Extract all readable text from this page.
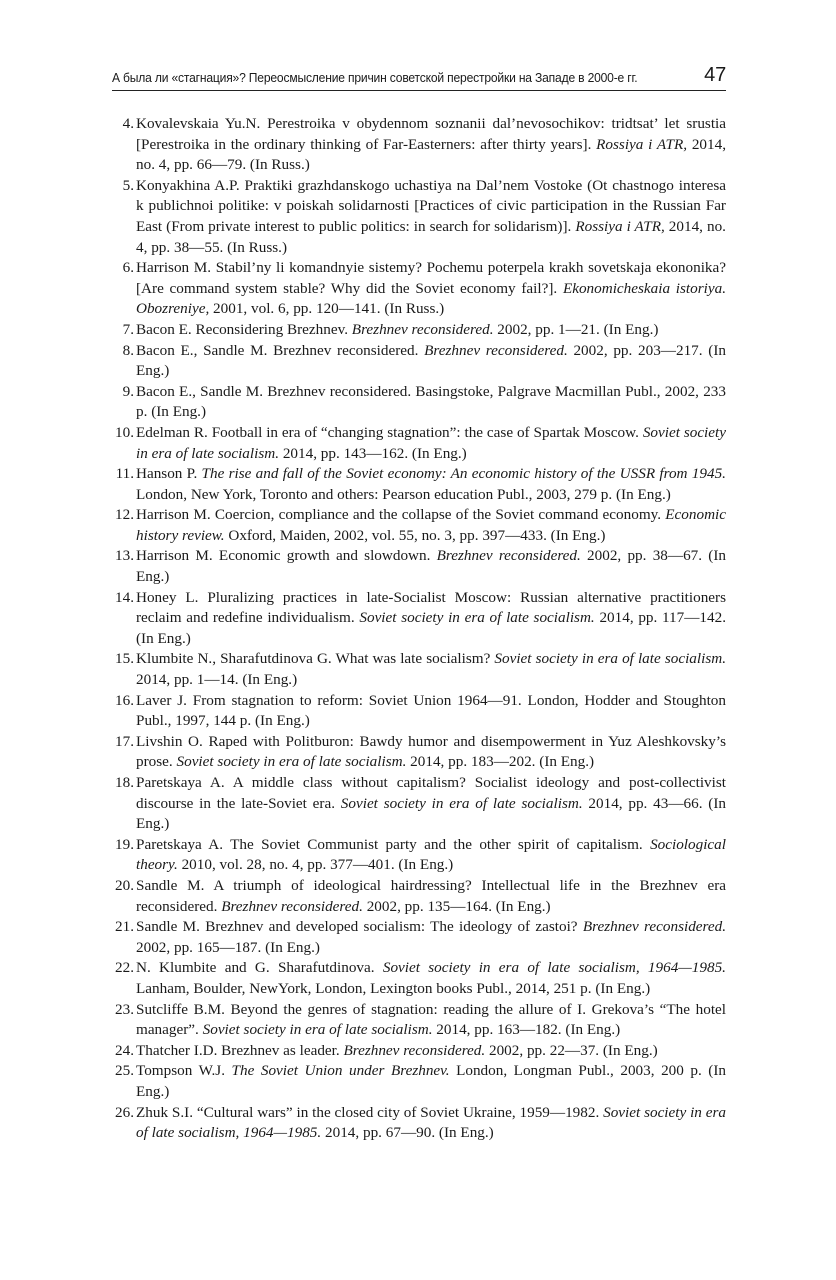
А была ли «стагнация»? Переосмысление причин советской перестройки на Западе в 2000-е гг.	47
4. Kovalevskaia Yu.N. Perestroika v obydennom soznanii dal’nevosochikov: tridtsat’ let srustia [Perestroika in the ordinary thinking of Far-Easterners: after thirty years]. Rossiya i ATR, 2014, no. 4, pp. 66—79. (In Russ.)
5. Konyakhina A.P. Praktiki grazhdanskogo uchastiya na Dal’nem Vostoke (Ot chastnogo interesa k publichnoi politike: v poiskah solidarnosti [Practices of civic participation in the Russian Far East (From private interest to public politics: in search for solidarism)]. Rossiya i ATR, 2014, no. 4, pp. 38—55. (In Russ.)
6. Harrison M. Stabil’ny li komandnyie sistemy? Pochemu poterpela krakh sovetskaja ekononika? [Are command system stable? Why did the Soviet economy fail?]. Ekonomicheskaia istoriya. Obozreniye, 2001, vol. 6, pp. 120—141. (In Russ.)
7. Bacon E. Reconsidering Brezhnev. Brezhnev reconsidered. 2002, pp. 1—21. (In Eng.)
8. Bacon E., Sandle M. Brezhnev reconsidered. Brezhnev reconsidered. 2002, pp. 203—217. (In Eng.)
9. Bacon E., Sandle M. Brezhnev reconsidered. Basingstoke, Palgrave Macmillan Publ., 2002, 233 p. (In Eng.)
10. Edelman R. Football in era of “changing stagnation”: the case of Spartak Moscow. Soviet society in era of late socialism. 2014, pp. 143—162. (In Eng.)
11. Hanson P. The rise and fall of the Soviet economy: An economic history of the USSR from 1945. London, New York, Toronto and others: Pearson education Publ., 2003, 279 p. (In Eng.)
12. Harrison M. Coercion, compliance and the collapse of the Soviet command economy. Economic history review. Oxford, Maiden, 2002, vol. 55, no. 3, pp. 397—433. (In Eng.)
13. Harrison M. Economic growth and slowdown. Brezhnev reconsidered. 2002, pp. 38—67. (In Eng.)
14. Honey L. Pluralizing practices in late-Socialist Moscow: Russian alternative practitioners reclaim and redefine individualism. Soviet society in era of late socialism. 2014, pp. 117—142. (In Eng.)
15. Klumbite N., Sharafutdinova G. What was late socialism? Soviet society in era of late socialism. 2014, pp. 1—14. (In Eng.)
16. Laver J. From stagnation to reform: Soviet Union 1964—91. London, Hodder and Stoughton Publ., 1997, 144 p. (In Eng.)
17. Livshin O. Raped with Politburon: Bawdy humor and disempowerment in Yuz Aleshkovsky’s prose. Soviet society in era of late socialism. 2014, pp. 183—202. (In Eng.)
18. Paretskaya A. A middle class without capitalism? Socialist ideology and post-collectivist discourse in the late-Soviet era. Soviet society in era of late socialism. 2014, pp. 43—66. (In Eng.)
19. Paretskaya A. The Soviet Communist party and the other spirit of capitalism. Sociological theory. 2010, vol. 28, no. 4, pp. 377—401. (In Eng.)
20. Sandle M. A triumph of ideological hairdressing? Intellectual life in the Brezhnev era reconsidered. Brezhnev reconsidered. 2002, pp. 135—164. (In Eng.)
21. Sandle M. Brezhnev and developed socialism: The ideology of zastoi? Brezhnev reconsidered. 2002, pp. 165—187. (In Eng.)
22. N. Klumbite and G. Sharafutdinova. Soviet society in era of late socialism, 1964—1985. Lanham, Boulder, NewYork, London, Lexington books Publ., 2014, 251 p. (In Eng.)
23. Sutcliffe B.M. Beyond the genres of stagnation: reading the allure of I. Grekova’s “The hotel manager”. Soviet society in era of late socialism. 2014, pp. 163—182. (In Eng.)
24. Thatcher I.D. Brezhnev as leader. Brezhnev reconsidered. 2002, pp. 22—37. (In Eng.)
25. Tompson W.J. The Soviet Union under Brezhnev. London, Longman Publ., 2003, 200 p. (In Eng.)
26. Zhuk S.I. “Cultural wars” in the closed city of Soviet Ukraine, 1959—1982. Soviet society in era of late socialism, 1964—1985. 2014, pp. 67—90. (In Eng.)
